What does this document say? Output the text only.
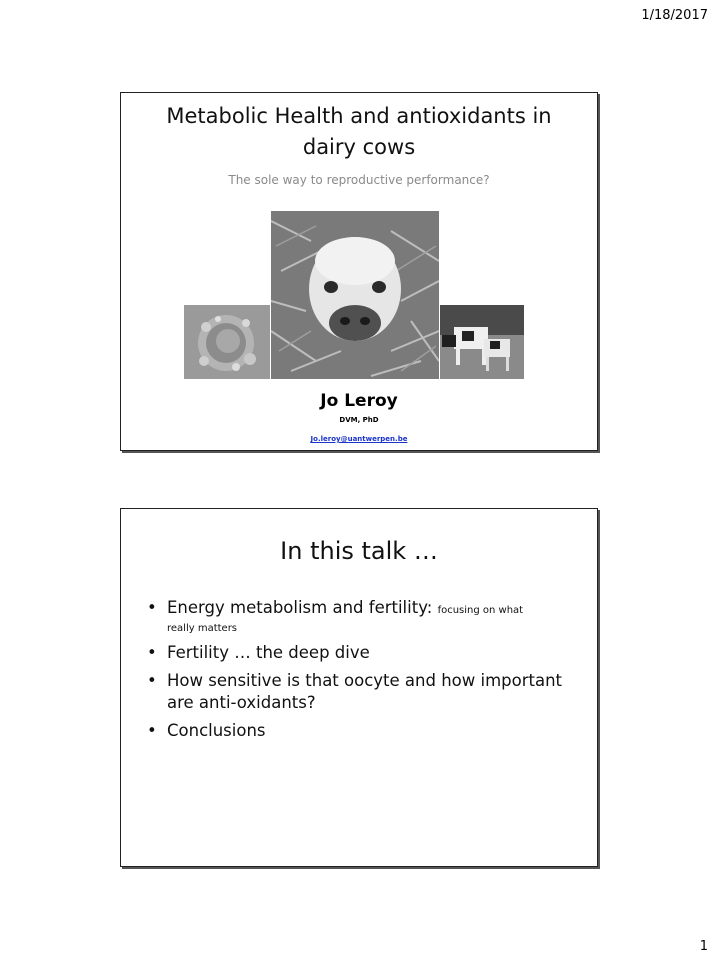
1/18/2017
Metabolic Health and antioxidants in
dairy cows
The sole way to reproductive performance?
Jo Leroy
DVM, PhD
Jo.leroy@uantwerpen.be
In this talk …
• Energy metabolism and fertility: focusing on what
really matters
• Fertility … the deep dive
• How sensitive is that oocyte and how important are anti-oxidants?
• Conclusions
1
